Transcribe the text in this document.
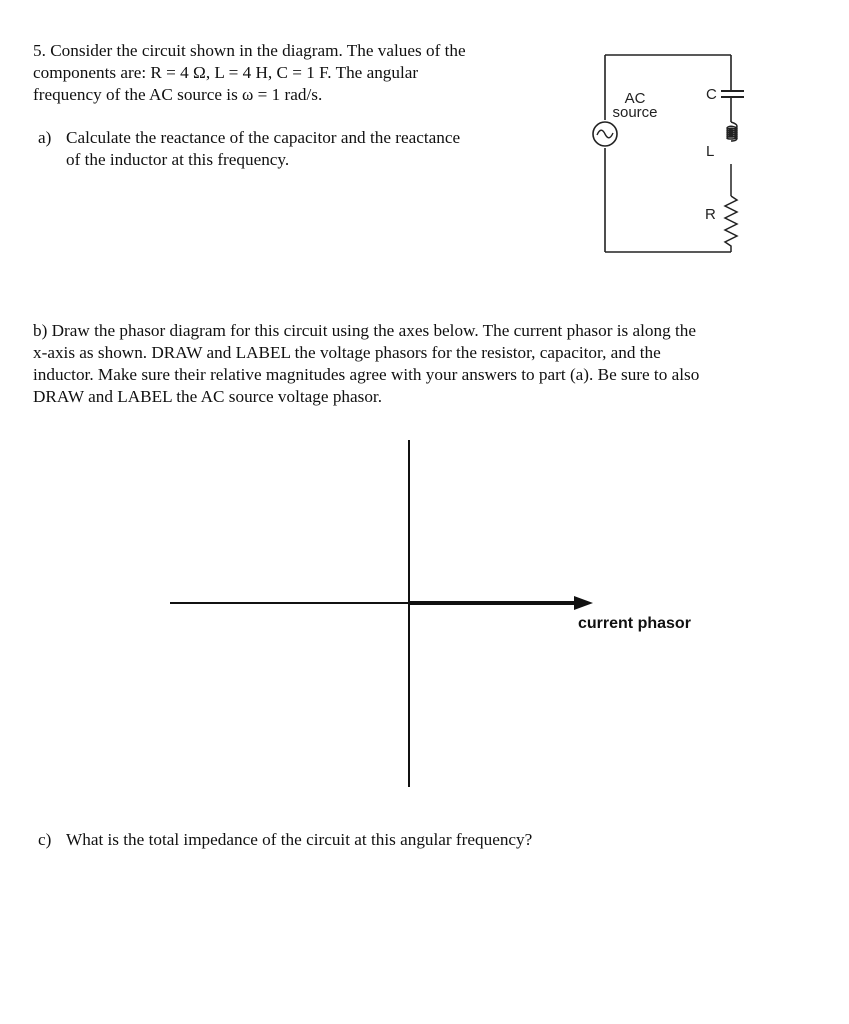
5. Consider the circuit shown in the diagram. The values of the
components are: R = 4 Ω, L = 4 H, C = 1 F. The angular
frequency of the AC source is ω = 1 rad/s.
a) Calculate the reactance of the capacitor and the reactance
of the inductor at this frequency.
AC
source
C
L
R
b) Draw the phasor diagram for this circuit using the axes below. The current phasor is along the
x-axis as shown. DRAW and LABEL the voltage phasors for the resistor, capacitor, and the
inductor. Make sure their relative magnitudes agree with your answers to part (a). Be sure to also
DRAW and LABEL the AC source voltage phasor.
current phasor
c) What is the total impedance of the circuit at this angular frequency?
